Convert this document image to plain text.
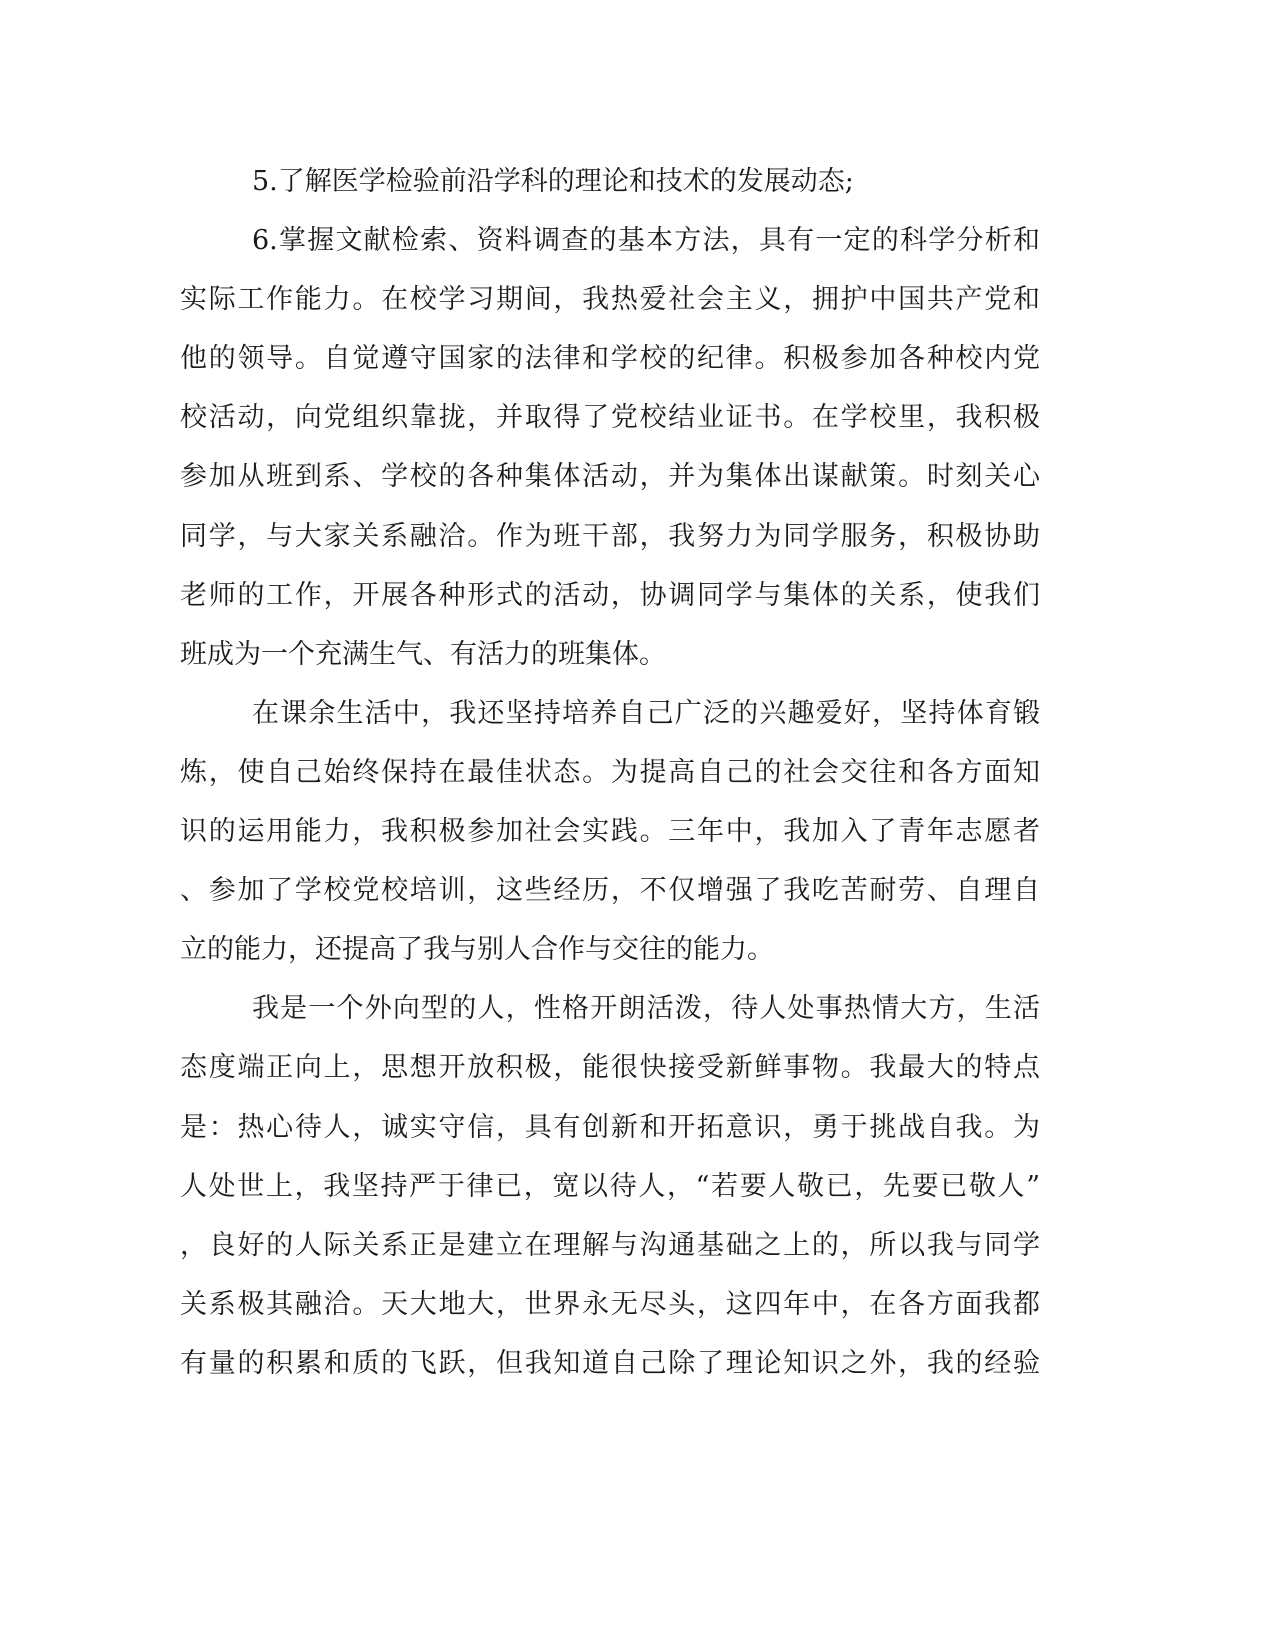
5.了解医学检验前沿学科的理论和技术的发展动态;
6.掌握文献检索、资料调查的基本方法，具有一定的科学分析和
实际工作能力。在校学习期间，我热爱社会主义，拥护中国共产党和
他的领导。自觉遵守国家的法律和学校的纪律。积极参加各种校内党
校活动，向党组织靠拢，并取得了党校结业证书。在学校里，我积极
参加从班到系、学校的各种集体活动，并为集体出谋献策。时刻关心
同学，与大家关系融洽。作为班干部，我努力为同学服务，积极协助
老师的工作，开展各种形式的活动，协调同学与集体的关系，使我们
班成为一个充满生气、有活力的班集体。
在课余生活中，我还坚持培养自己广泛的兴趣爱好，坚持体育锻
炼，使自己始终保持在最佳状态。为提高自己的社会交往和各方面知
识的运用能力，我积极参加社会实践。三年中，我加入了青年志愿者
、参加了学校党校培训，这些经历，不仅增强了我吃苦耐劳、自理自
立的能力，还提高了我与别人合作与交往的能力。
我是一个外向型的人，性格开朗活泼，待人处事热情大方，生活
态度端正向上，思想开放积极，能很快接受新鲜事物。我最大的特点
是：热心待人，诚实守信，具有创新和开拓意识，勇于挑战自我。为
人处世上，我坚持严于律已，宽以待人，“若要人敬已，先要已敬人”
，良好的人际关系正是建立在理解与沟通基础之上的，所以我与同学
关系极其融洽。天大地大，世界永无尽头，这四年中，在各方面我都
有量的积累和质的飞跃，但我知道自己除了理论知识之外，我的经验
